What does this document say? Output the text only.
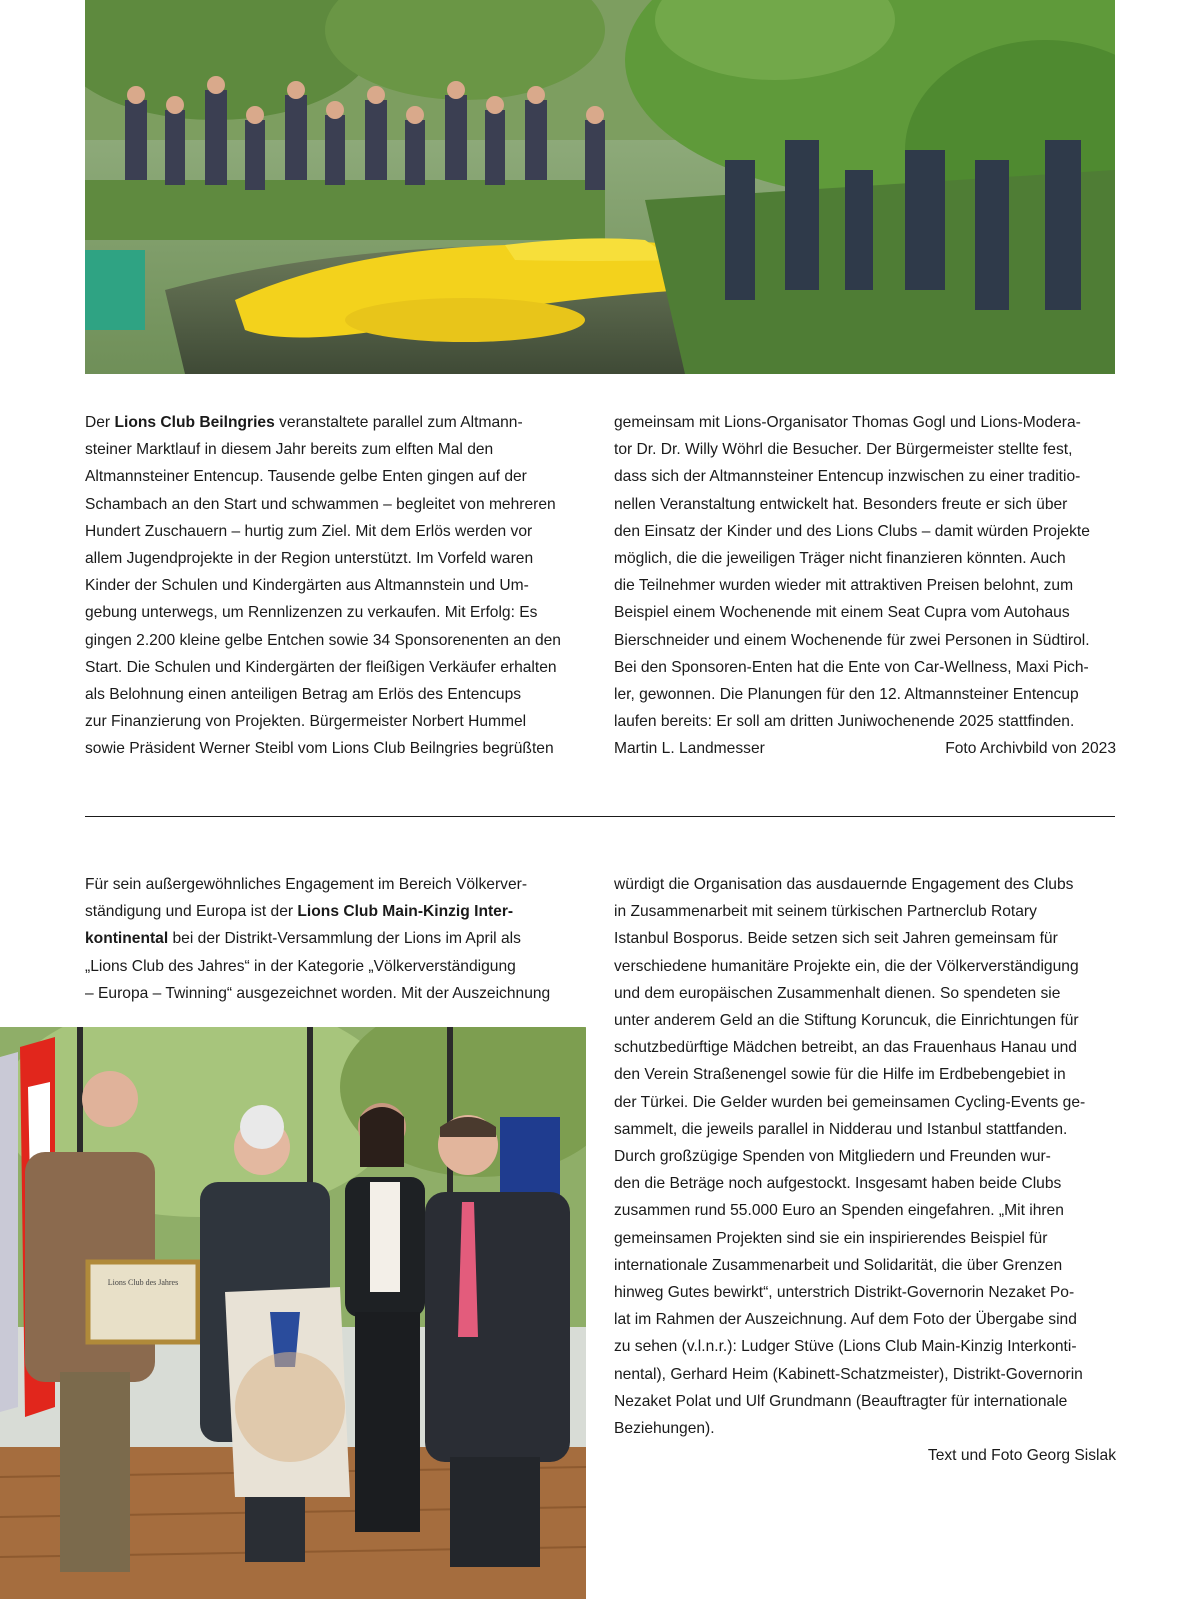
Der Lions Club Beilngries veranstaltete parallel zum Altmann-
steiner Marktlauf in diesem Jahr bereits zum elften Mal den
Altmannsteiner Entencup. Tausende gelbe Enten gingen auf der
Schambach an den Start und schwammen – begleitet von mehreren
Hundert Zuschauern – hurtig zum Ziel. Mit dem Erlös werden vor
allem Jugendprojekte in der Region unterstützt. Im Vorfeld waren
Kinder der Schulen und Kindergärten aus Altmannstein und Um-
gebung unterwegs, um Rennlizenzen zu verkaufen. Mit Erfolg: Es
gingen 2.200 kleine gelbe Entchen sowie 34 Sponsorenenten an den
Start. Die Schulen und Kindergärten der fleißigen Verkäufer erhalten
als Belohnung einen anteiligen Betrag am Erlös des Entencups
zur Finanzierung von Projekten. Bürgermeister Norbert Hummel
sowie Präsident Werner Steibl vom Lions Club Beilngries begrüßten

gemeinsam mit Lions-Organisator Thomas Gogl und Lions-Modera-
tor Dr. Dr. Willy Wöhrl die Besucher. Der Bürgermeister stellte fest,
dass sich der Altmannsteiner Entencup inzwischen zu einer traditio-
nellen Veranstaltung entwickelt hat. Besonders freute er sich über
den Einsatz der Kinder und des Lions Clubs – damit würden Projekte
möglich, die die jeweiligen Träger nicht finanzieren könnten. Auch
die Teilnehmer wurden wieder mit attraktiven Preisen belohnt, zum
Beispiel einem Wochenende mit einem Seat Cupra vom Autohaus
Bierschneider und einem Wochenende für zwei Personen in Südtirol.
Bei den Sponsoren-Enten hat die Ente von Car-Wellness, Maxi Pich-
ler, gewonnen. Die Planungen für den 12. Altmannsteiner Entencup
laufen bereits: Er soll am dritten Juniwochenende 2025 stattfinden.

Martin L. Landmesser	Foto Archivbild von 2023

Für sein außergewöhnliches Engagement im Bereich Völkerver-
ständigung und Europa ist der Lions Club Main-Kinzig Inter-
kontinental bei der Distrikt-Versammlung der Lions im April als
„Lions Club des Jahres“ in der Kategorie „Völkerverständigung
– Europa – Twinning“ ausgezeichnet worden. Mit der Auszeichnung

Lions Club des Jahres

würdigt die Organisation das ausdauernde Engagement des Clubs
in Zusammenarbeit mit seinem türkischen Partnerclub Rotary
Istanbul Bosporus. Beide setzen sich seit Jahren gemeinsam für
verschiedene humanitäre Projekte ein, die der Völkerverständigung
und dem europäischen Zusammenhalt dienen. So spendeten sie
unter anderem Geld an die Stiftung Koruncuk, die Einrichtungen für
schutzbedürftige Mädchen betreibt, an das Frauenhaus Hanau und
den Verein Straßenengel sowie für die Hilfe im Erdbebengebiet in
der Türkei. Die Gelder wurden bei gemeinsamen Cycling-Events ge-
sammelt, die jeweils parallel in Nidderau und Istanbul stattfanden.
Durch großzügige Spenden von Mitgliedern und Freunden wur-
den die Beträge noch aufgestockt. Insgesamt haben beide Clubs
zusammen rund 55.000 Euro an Spenden eingefahren. „Mit ihren
gemeinsamen Projekten sind sie ein inspirierendes Beispiel für
internationale Zusammenarbeit und Solidarität, die über Grenzen
hinweg Gutes bewirkt“, unterstrich Distrikt-Governorin Nezaket Po-
lat im Rahmen der Auszeichnung. Auf dem Foto der Übergabe sind
zu sehen (v.l.n.r.): Ludger Stüve (Lions Club Main-Kinzig Interkonti-
nental), Gerhard Heim (Kabinett-Schatzmeister), Distrikt-Governorin
Nezaket Polat und Ulf Grundmann (Beauftragter für internationale
Beziehungen).

Text und Foto Georg Sislak
